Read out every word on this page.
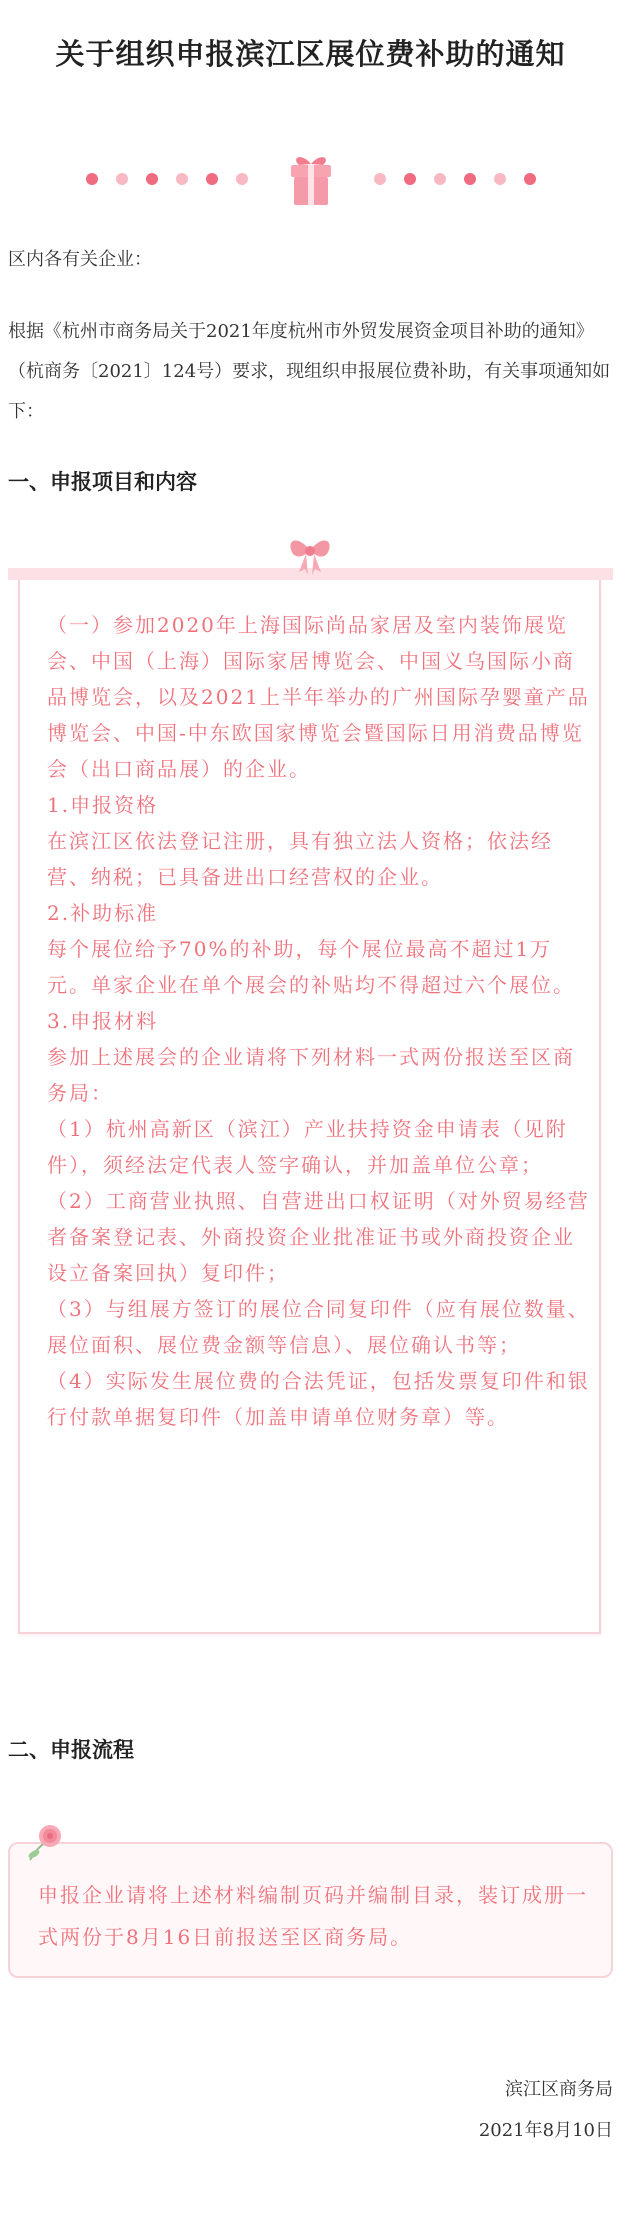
关于组织申报滨江区展位费补助的通知
区内各有关企业：
根据《杭州市商务局关于2021年度杭州市外贸发展资金项目补助的通知》（杭商务〔2021〕124号）要求，现组织申报展位费补助，有关事项通知如下：
一、申报项目和内容
（一）参加2020年上海国际尚品家居及室内装饰展览会、中国（上海）国际家居博览会、中国义乌国际小商品博览会，以及2021上半年举办的广州国际孕婴童产品博览会、中国-中东欧国家博览会暨国际日用消费品博览会（出口商品展）的企业。
1.申报资格
在滨江区依法登记注册，具有独立法人资格；依法经营、纳税；已具备进出口经营权的企业。
2.补助标准
每个展位给予70%的补助，每个展位最高不超过1万元。单家企业在单个展会的补贴均不得超过六个展位。
3.申报材料
参加上述展会的企业请将下列材料一式两份报送至区商务局：
（1）杭州高新区（滨江）产业扶持资金申请表（见附件），须经法定代表人签字确认，并加盖单位公章；
（2）工商营业执照、自营进出口权证明（对外贸易经营者备案登记表、外商投资企业批准证书或外商投资企业设立备案回执）复印件；
（3）与组展方签订的展位合同复印件（应有展位数量、展位面积、展位费金额等信息）、展位确认书等；
（4）实际发生展位费的合法凭证，包括发票复印件和银行付款单据复印件（加盖申请单位财务章）等。
二、申报流程
申报企业请将上述材料编制页码并编制目录，装订成册一式两份于8月16日前报送至区商务局。
滨江区商务局
2021年8月10日
